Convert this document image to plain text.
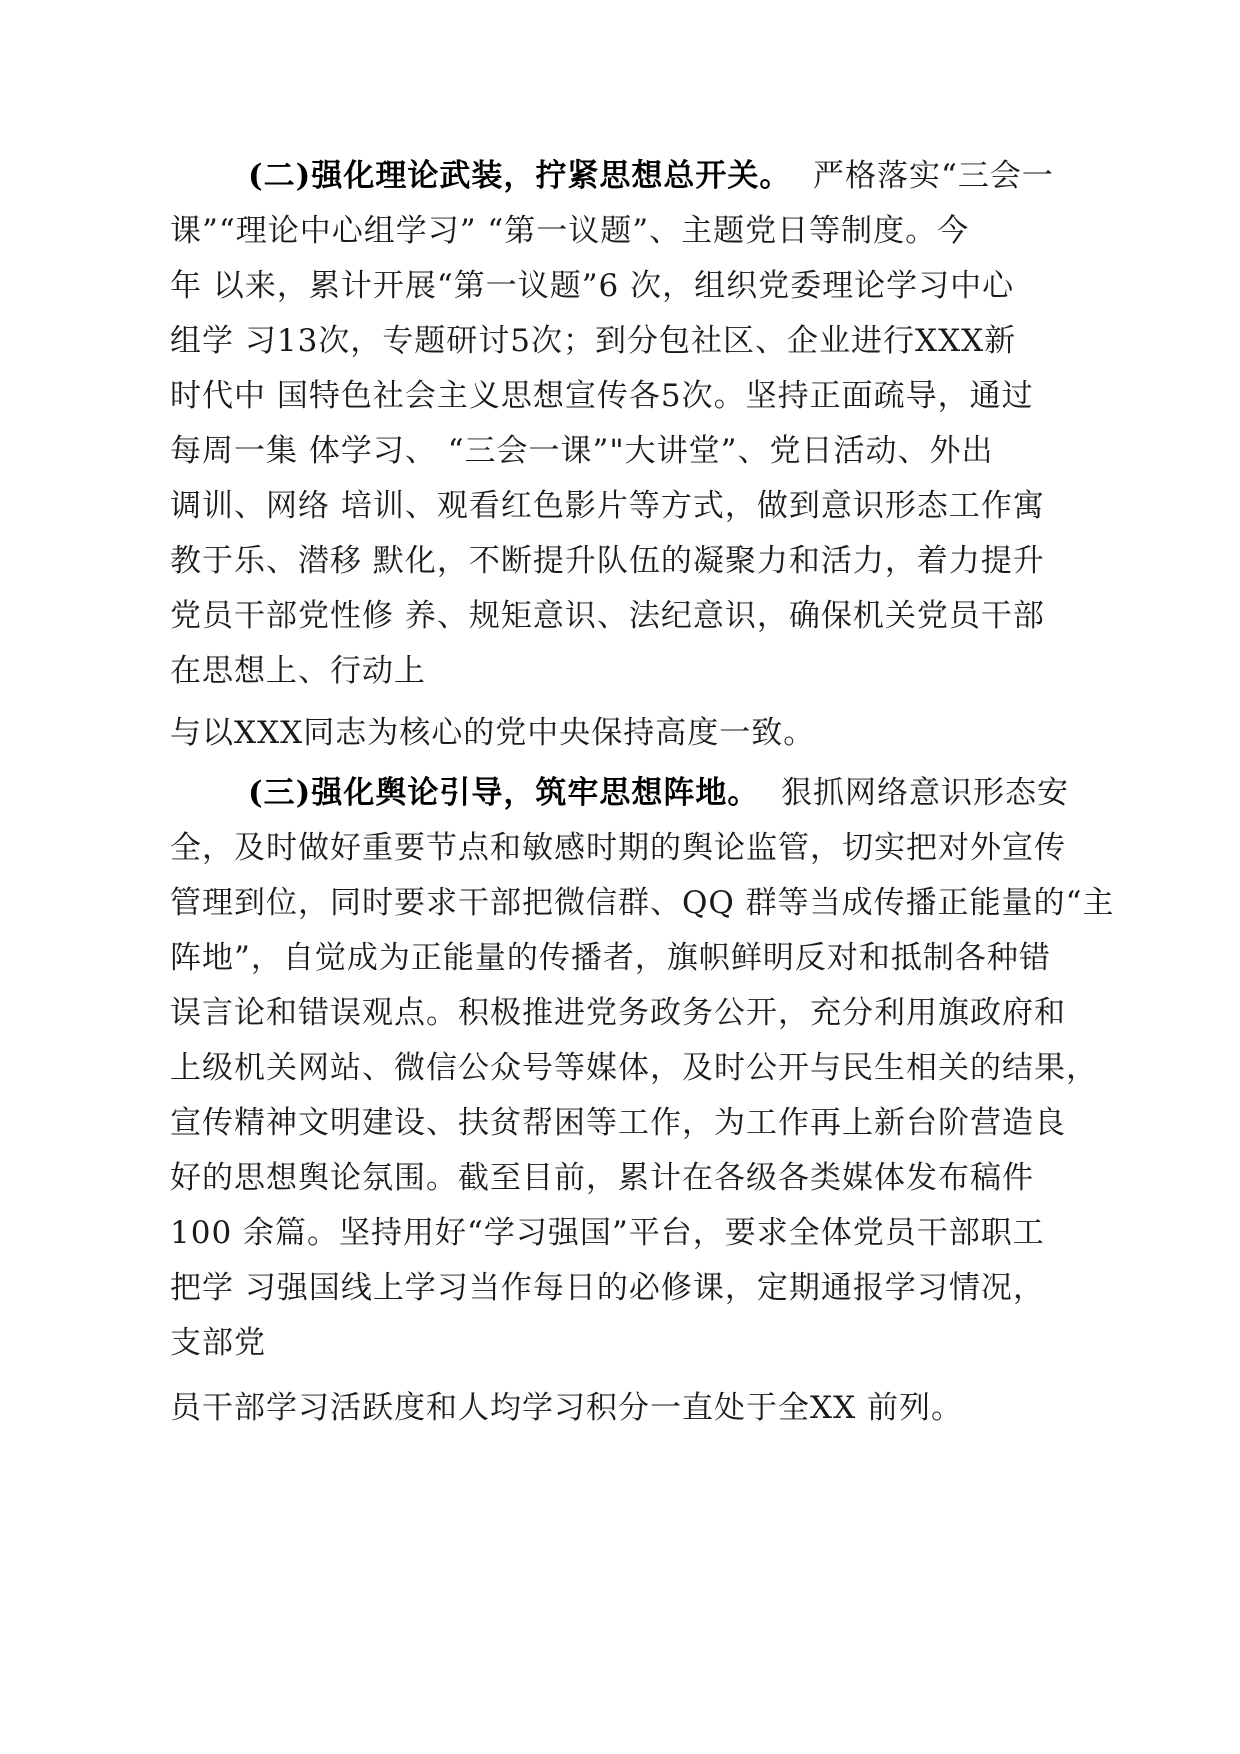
(二)强化理论武装，拧紧思想总开关。  严格落实“三会一
课”“理论中心组学习” “第一议题”、主题党日等制度。今
年 以来，累计开展“第一议题”6 次，组织党委理论学习中心
组学 习13次，专题研讨5次；到分包社区、企业进行XXX新
时代中 国特色社会主义思想宣传各5次。坚持正面疏导，通过
每周一集 体学习、 “三会一课”"大讲堂”、党日活动、外出
调训、网络 培训、观看红色影片等方式，做到意识形态工作寓
教于乐、潜移 默化，不断提升队伍的凝聚力和活力，着力提升
党员干部党性修 养、规矩意识、法纪意识，确保机关党员干部
在思想上、行动上
与以XXX同志为核心的党中央保持高度一致。
(三)强化舆论引导，筑牢思想阵地。  狠抓网络意识形态安
全，及时做好重要节点和敏感时期的舆论监管，切实把对外宣传
管理到位，同时要求干部把微信群、QQ 群等当成传播正能量的“主
阵地”，自觉成为正能量的传播者，旗帜鲜明反对和抵制各种错
误言论和错误观点。积极推进党务政务公开，充分利用旗政府和
上级机关网站、微信公众号等媒体，及时公开与民生相关的结果，
宣传精神文明建设、扶贫帮困等工作，为工作再上新台阶营造良
好的思想舆论氛围。截至目前，累计在各级各类媒体发布稿件
100 余篇。坚持用好“学习强国”平台，要求全体党员干部职工
把学 习强国线上学习当作每日的必修课，定期通报学习情况，
支部党
员干部学习活跃度和人均学习积分一直处于全XX 前列。
